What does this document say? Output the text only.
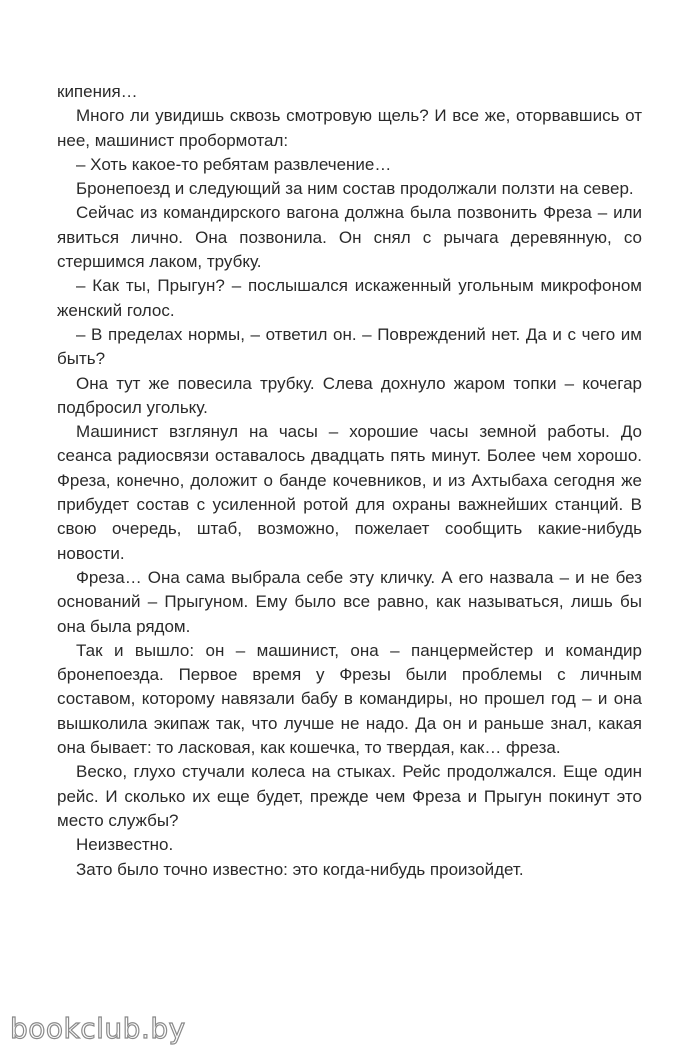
кипения…

Много ли увидишь сквозь смотровую щель? И все же, оторвавшись от нее, машинист пробормотал:

– Хоть какое-то ребятам развлечение…

Бронепоезд и следующий за ним состав продолжали ползти на север.

Сейчас из командирского вагона должна была позвонить Фреза – или явиться лично. Она позвонила. Он снял с рычага деревянную, со стершимся лаком, трубку.

– Как ты, Прыгун? – послышался искаженный угольным микрофоном женский голос.

– В пределах нормы, – ответил он. – Повреждений нет. Да и с чего им быть?

Она тут же повесила трубку. Слева дохнуло жаром топки – кочегар подбросил угольку.

Машинист взглянул на часы – хорошие часы земной работы. До сеанса радиосвязи оставалось двадцать пять минут. Более чем хорошо. Фреза, конечно, доложит о банде кочевников, и из Ахтыбаха сегодня же прибудет состав с усиленной ротой для охраны важнейших станций. В свою очередь, штаб, возможно, пожелает сообщить какие-нибудь новости.

Фреза… Она сама выбрала себе эту кличку. А его назвала – и не без оснований – Прыгуном. Ему было все равно, как называться, лишь бы она была рядом.

Так и вышло: он – машинист, она – панцермейстер и командир бронепоезда. Первое время у Фрезы были проблемы с личным составом, которому навязали бабу в командиры, но прошел год – и она вышколила экипаж так, что лучше не надо. Да он и раньше знал, какая она бывает: то ласковая, как кошечка, то твердая, как… фреза.

Веско, глухо стучали колеса на стыках. Рейс продолжался. Еще один рейс. И сколько их еще будет, прежде чем Фреза и Прыгун покинут это место службы?

Неизвестно.

Зато было точно известно: это когда-нибудь произойдет.

bookclub.by
